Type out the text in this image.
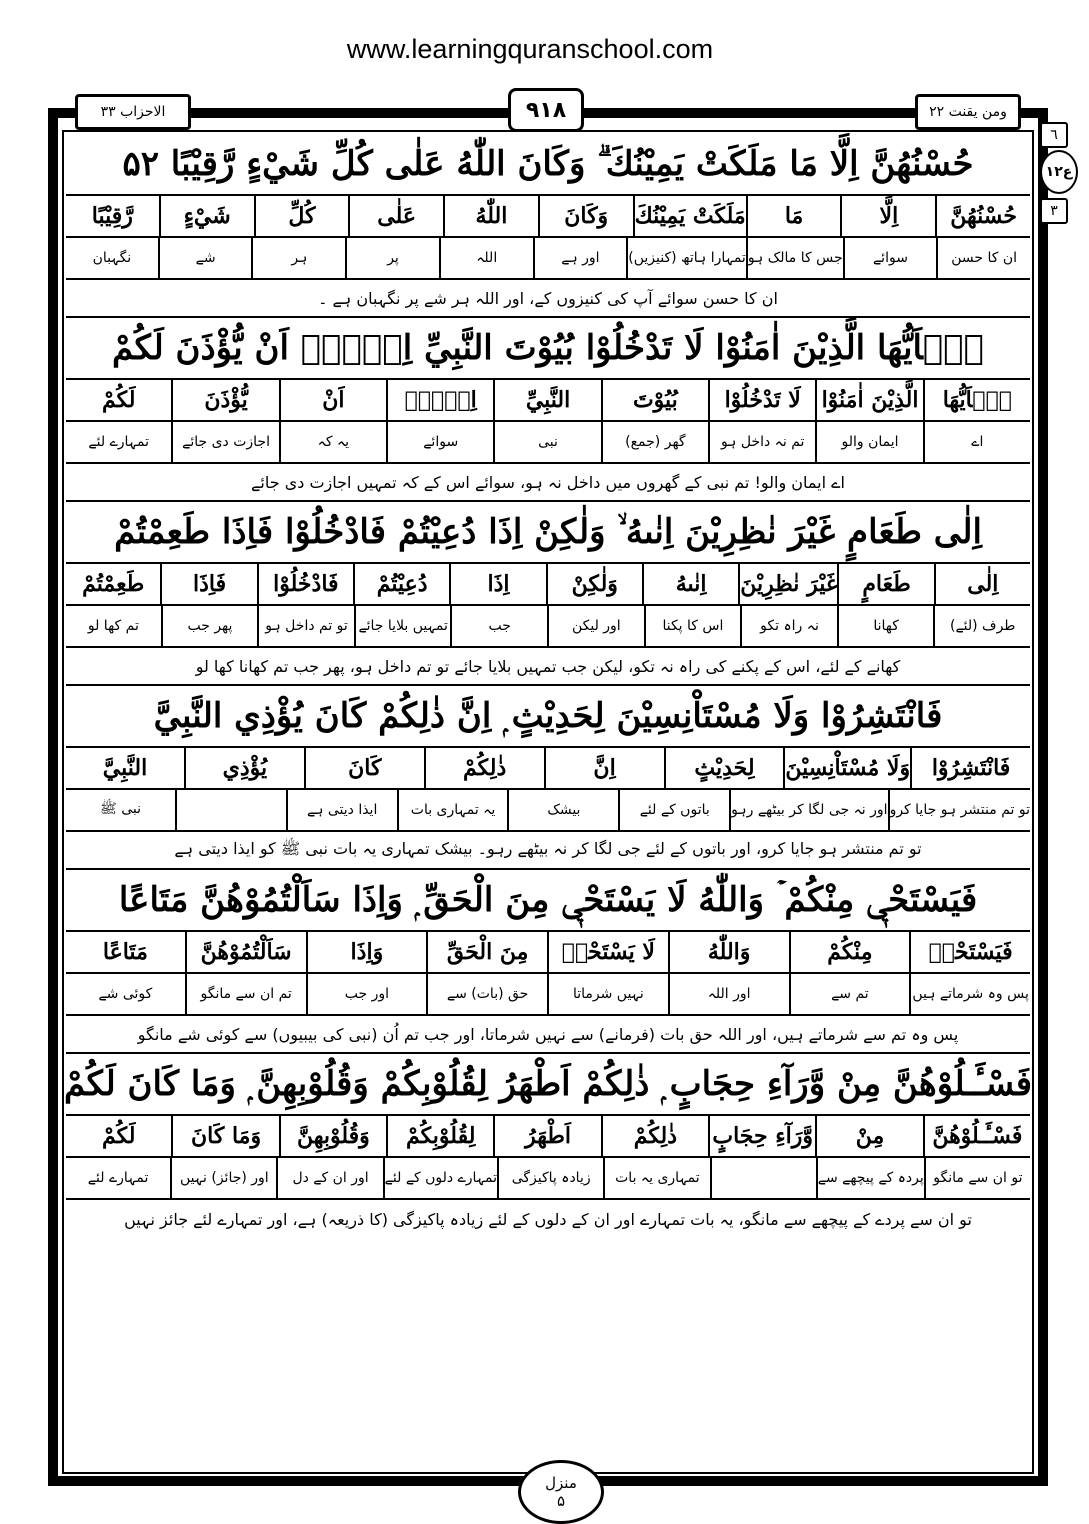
www.learningquranschool.com
الاحزاب ۳۳	۹۱۸	ومن یقنت ۲۲
٦
ع۱۲
٣
حُسْنُهُنَّ اِلَّا مَا مَلَكَتْ يَمِيْنُكَ ۗ وَكَانَ اللّٰهُ عَلٰى كُلِّ شَيْءٍ رَّقِيْبًا ۵۲
حُسْنُهُنَّ
اِلَّا
مَا
مَلَكَتْ يَمِيْنُكَ
وَكَانَ
اللّٰهُ
عَلٰى
كُلِّ
شَيْءٍ
رَّقِيْبًا
ان کا حسن
سوائے
جس کا مالک ہو
تمہارا ہاتھ (کنیزیں)
اور ہے
اللہ
پر
ہر
شے
نگہبان
ان کا حسن سوائے آپ کی کنیزوں کے، اور اللہ ہر شے پر نگہبان ہے ۔
يٰۤاَيُّهَا الَّذِيْنَ اٰمَنُوْا لَا تَدْخُلُوْا بُيُوْتَ النَّبِيِّ اِلَّاۤ اَنْ يُّؤْذَنَ لَكُمْ
يٰۤاَيُّهَا
الَّذِيْنَ اٰمَنُوْا
لَا تَدْخُلُوْا
بُيُوْتَ
النَّبِيِّ
اِلَّاۤ
اَنْ
يُّؤْذَنَ
لَكُمْ
اے
ایمان والو
تم نہ داخل ہو
گھر (جمع)
نبی
سوائے
یہ کہ
اجازت دی جائے
تمہارے لئے
اے ایمان والو! تم نبی کے گھروں میں داخل نہ ہو، سوائے اس کے کہ تمہیں اجازت دی جائے
اِلٰى طَعَامٍ غَيْرَ نٰظِرِيْنَ اِنٰىهُ ۙ وَلٰكِنْ اِذَا دُعِيْتُمْ فَادْخُلُوْا فَاِذَا طَعِمْتُمْ
اِلٰى
طَعَامٍ
غَيْرَ نٰظِرِيْنَ
اِنٰىهُ
وَلٰكِنْ
اِذَا
دُعِيْتُمْ
فَادْخُلُوْا
فَاِذَا
طَعِمْتُمْ
طرف (لئے)
کھانا
نہ راہ تکو
اس کا پکنا
اور لیکن
جب
تمہیں بلایا جائے
تو تم داخل ہو
پھر جب
تم کھا لو
کھانے کے لئے، اس کے پکنے کی راہ نہ تکو، لیکن جب تمہیں بلایا جائے تو تم داخل ہو، پھر جب تم کھانا کھا لو
فَانْتَشِرُوْا وَلَا مُسْتَاْنِسِيْنَ لِحَدِيْثٍ ۭ اِنَّ ذٰلِكُمْ كَانَ يُؤْذِي النَّبِيَّ
فَانْتَشِرُوْا
وَلَا مُسْتَاْنِسِيْنَ
لِحَدِيْثٍ
اِنَّ
ذٰلِكُمْ
كَانَ
يُؤْذِي
النَّبِيَّ
تو تم منتشر ہو جایا کرو
اور نہ جی لگا کر بیٹھے رہو
باتوں کے لئے
بیشک
یہ تمہاری بات
ایذا دیتی ہے
نبی ﷺ
تو تم منتشر ہو جایا کرو، اور باتوں کے لئے جی لگا کر نہ بیٹھے رہو۔ بیشک تمہاری یہ بات نبی ﷺ کو ایذا دیتی ہے
فَيَسْتَحْيٖ مِنْكُمْ ۡ وَاللّٰهُ لَا يَسْتَحْيٖ مِنَ الْحَقِّ ۭ وَاِذَا سَاَلْتُمُوْهُنَّ مَتَاعًا
فَيَسْتَحْيٖ
مِنْكُمْ
وَاللّٰهُ
لَا يَسْتَحْيٖ
مِنَ الْحَقِّ
وَاِذَا
سَاَلْتُمُوْهُنَّ
مَتَاعًا
پس وہ شرماتے ہیں
تم سے
اور اللہ
نہیں شرماتا
حق (بات) سے
اور جب
تم ان سے مانگو
کوئی شے
پس وہ تم سے شرماتے ہیں، اور اللہ حق بات (فرمانے) سے نہیں شرماتا، اور جب تم اُن (نبی کی بیبیوں) سے کوئی شے مانگو
فَسْـَٔـلُوْهُنَّ مِنْ وَّرَآءِ حِجَابٍ ۭ ذٰلِكُمْ اَطْهَرُ لِقُلُوْبِكُمْ وَقُلُوْبِهِنَّ ۭ وَمَا كَانَ لَكُمْ
فَسْـَٔـلُوْهُنَّ
مِنْ
وَّرَآءِ حِجَابٍ
ذٰلِكُمْ
اَطْهَرُ
لِقُلُوْبِكُمْ
وَقُلُوْبِهِنَّ
وَمَا كَانَ
لَكُمْ
تو ان سے مانگو
پردہ کے پیچھے سے
تمہاری یہ بات
زیادہ پاکیزگی
تمہارے دلوں کے لئے
اور ان کے دل
اور (جائز) نہیں
تمہارے لئے
تو ان سے پردے کے پیچھے سے مانگو، یہ بات تمہارے اور ان کے دلوں کے لئے زیادہ پاکیزگی (کا ذریعہ) ہے، اور تمہارے لئے جائز نہیں
منزل
۵
